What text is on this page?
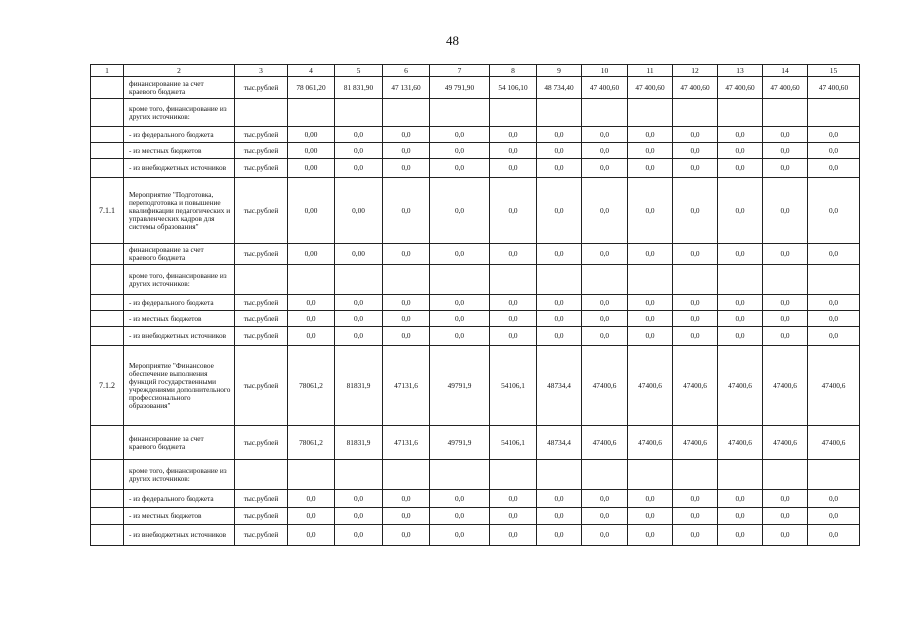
48
1	2	3	4	5	6	7	8	9	10	11	12	13	14	15
	финансирование за счет краевого бюджета	тыс.рублей	78 061,20	81 831,90	47 131,60	49 791,90	54 106,10	48 734,40	47 400,60	47 400,60	47 400,60	47 400,60	47 400,60	47 400,60
	кроме того, финансирование из других источников:													
	- из федерального бюджета	тыс.рублей	0,00	0,0	0,0	0,0	0,0	0,0	0,0	0,0	0,0	0,0	0,0	0,0
	- из местных бюджетов	тыс.рублей	0,00	0,0	0,0	0,0	0,0	0,0	0,0	0,0	0,0	0,0	0,0	0,0
	- из внебюджетных источников	тыс.рублей	0,00	0,0	0,0	0,0	0,0	0,0	0,0	0,0	0,0	0,0	0,0	0,0
7.1.1	Мероприятие "Подготовка, переподготовка и повышение квалификации педагогических и управленческих кадров для системы образования"	тыс.рублей	0,00	0,00	0,0	0,0	0,0	0,0	0,0	0,0	0,0	0,0	0,0	0,0
	финансирование за счет краевого бюджета	тыс.рублей	0,00	0,00	0,0	0,0	0,0	0,0	0,0	0,0	0,0	0,0	0,0	0,0
	кроме того, финансирование из других источников:													
	- из федерального бюджета	тыс.рублей	0,0	0,0	0,0	0,0	0,0	0,0	0,0	0,0	0,0	0,0	0,0	0,0
	- из местных бюджетов	тыс.рублей	0,0	0,0	0,0	0,0	0,0	0,0	0,0	0,0	0,0	0,0	0,0	0,0
	- из внебюджетных источников	тыс.рублей	0,0	0,0	0,0	0,0	0,0	0,0	0,0	0,0	0,0	0,0	0,0	0,0
7.1.2	Мероприятие "Финансовое обеспечение выполнения функций государственными учреждениями дополнительного профессионального образования"	тыс.рублей	78061,2	81831,9	47131,6	49791,9	54106,1	48734,4	47400,6	47400,6	47400,6	47400,6	47400,6	47400,6
	финансирование за счет краевого бюджета	тыс.рублей	78061,2	81831,9	47131,6	49791,9	54106,1	48734,4	47400,6	47400,6	47400,6	47400,6	47400,6	47400,6
	кроме того, финансирование из других источников:													
	- из федерального бюджета	тыс.рублей	0,0	0,0	0,0	0,0	0,0	0,0	0,0	0,0	0,0	0,0	0,0	0,0
	- из местных бюджетов	тыс.рублей	0,0	0,0	0,0	0,0	0,0	0,0	0,0	0,0	0,0	0,0	0,0	0,0
	- из внебюджетных источников	тыс.рублей	0,0	0,0	0,0	0,0	0,0	0,0	0,0	0,0	0,0	0,0	0,0	0,0
